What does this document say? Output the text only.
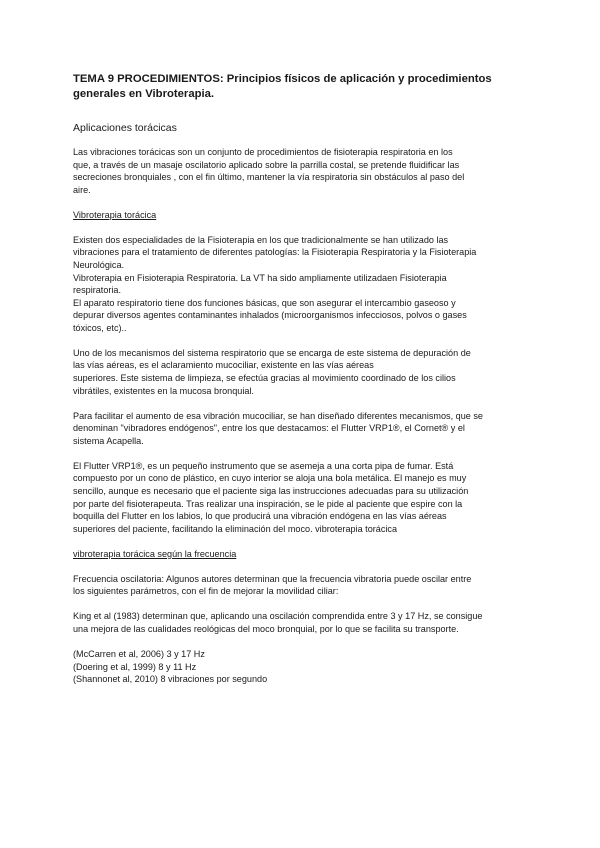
TEMA 9 PROCEDIMIENTOS: Principios físicos de aplicación y procedimientos generales en Vibroterapia.
Aplicaciones torácicas

Las vibraciones torácicas son un conjunto de procedimientos de fisioterapia respiratoria en los

que, a través de un masaje oscilatorio aplicado sobre la parrilla costal, se pretende fluidificar las

secreciones bronquiales , con el fin último, mantener la vía respiratoria sin obstáculos al paso del

aire.

Vibroterapia torácica

Existen dos especialidades de la Fisioterapia en los que tradicionalmente se han utilizado las

vibraciones para el tratamiento de diferentes patologías: la Fisioterapia Respiratoria y la Fisioterapia

Neurológica.

Vibroterapia en Fisioterapia Respiratoria. La VT ha sido ampliamente utilizadaen Fisioterapia

respiratoria.

El aparato respiratorio tiene dos funciones básicas, que son asegurar el intercambio gaseoso y

depurar diversos agentes contaminantes inhalados (microorganismos infecciosos, polvos o gases

tóxicos, etc)..

Uno de los mecanismos del sistema respiratorio que se encarga de este sistema de depuración de

las vías aéreas, es el aclaramiento mucociliar, existente en las vías aéreas

superiores. Este sistema de limpieza, se efectúa gracias al movimiento coordinado de los cilios

vibrátiles, existentes en la mucosa bronquial.

Para facilitar el aumento de esa vibración mucociliar, se han diseñado diferentes mecanismos, que se

denominan "vibradores endógenos", entre los que destacamos: el Flutter VRP1®, el Cornet® y el

sistema Acapella.

El Flutter VRP1®, es un pequeño instrumento que se asemeja a una corta pipa de fumar. Está

compuesto por un cono de plástico, en cuyo interior se aloja una bola metálica. El manejo es muy

sencillo, aunque es necesario que el paciente siga las instrucciones adecuadas para su utilización

por parte del fisioterapeuta. Tras realizar una inspiración, se le pide al paciente que espire con la

boquilla del Flutter en los labios, lo que producirá una vibración endógena en las vías aéreas

superiores del paciente, facilitando la eliminación del moco. vibroterapia torácica

vibroterapia torácica según la frecuencia

Frecuencia oscilatoria: Algunos autores determinan que la frecuencia vibratoria puede oscilar entre

los siguientes parámetros, con el fin de mejorar la movilidad ciliar:

King et al (1983) determinan que, aplicando una oscilación comprendida entre 3 y 17 Hz, se consigue

una mejora de las cualidades reológicas del moco bronquial, por lo que se facilita su transporte.

(McCarren et al, 2006) 3 y 17 Hz

(Doering et al, 1999) 8 y 11 Hz

(Shannonet al, 2010) 8 vibraciones por segundo
